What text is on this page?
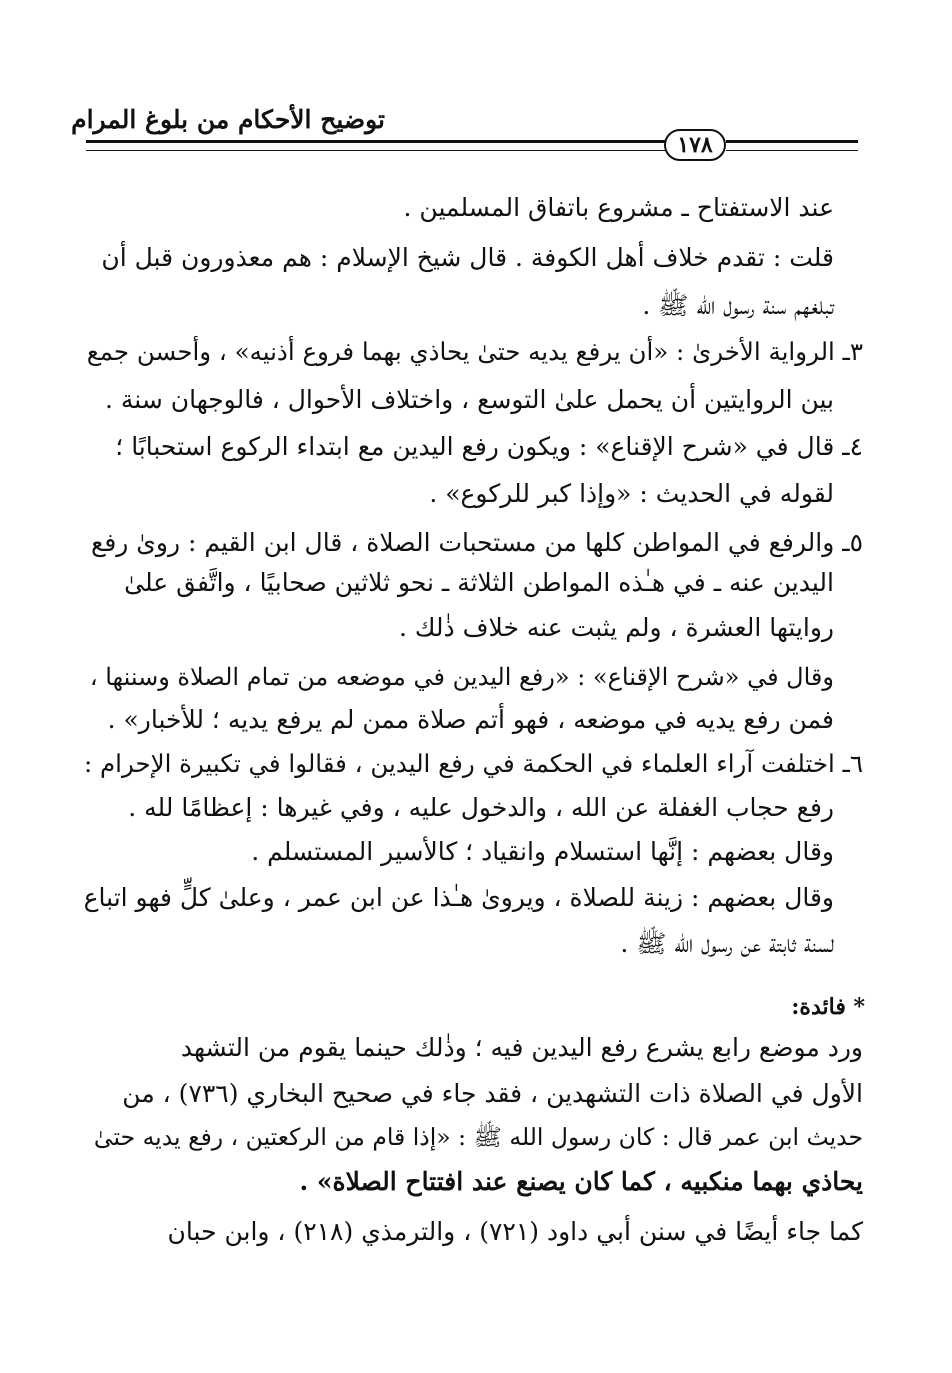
توضيح الأحكام من بلوغ المرام
١٧٨
عند الاستفتاح ـ مشروع باتفاق المسلمين .
قلت : تقدم خلاف أهل الكوفة . قال شيخ الإسلام : هم معذورون قبل أن
تبلغهم سنة رسول الله ﷺ .
٣ـ الرواية الأخرىٰ : «أن يرفع يديه حتىٰ يحاذي بهما فروع أذنيه» ، وأحسن جمع
بين الروايتين أن يحمل علىٰ التوسع ، واختلاف الأحوال ، فالوجهان سنة .
٤ـ قال في «شرح الإقناع» : ويكون رفع اليدين مع ابتداء الركوع استحبابًا ؛
لقوله في الحديث : «وإذا كبر للركوع» .
٥ـ والرفع في المواطن كلها من مستحبات الصلاة ، قال ابن القيم : روىٰ رفع
اليدين عنه ـ في هـٰذه المواطن الثلاثة ـ نحو ثلاثين صحابيًا ، واتَّفق علىٰ
روايتها العشرة ، ولم يثبت عنه خلاف ذٰلك .
وقال في «شرح الإقناع» : «رفع اليدين في موضعه من تمام الصلاة وسننها ،
فمن رفع يديه في موضعه ، فهو أتم صلاة ممن لم يرفع يديه ؛ للأخبار» .
٦ـ اختلفت آراء العلماء في الحكمة في رفع اليدين ، فقالوا في تكبيرة الإحرام :
رفع حجاب الغفلة عن الله ، والدخول عليه ، وفي غيرها : إعظامًا لله .
وقال بعضهم : إنَّها استسلام وانقياد ؛ كالأسير المستسلم .
وقال بعضهم : زينة للصلاة ، ويروىٰ هـٰذا عن ابن عمر ، وعلىٰ كلٍّ فهو اتباع
لسنة ثابتة عن رسول الله ﷺ .
* فائدة:
ورد موضع رابع يشرع رفع اليدين فيه ؛ وذٰلك حينما يقوم من التشهد
الأول في الصلاة ذات التشهدين ، فقد جاء في صحيح البخاري (٧٣٦) ، من
حديث ابن عمر قال : كان رسول الله ﷺ : «إذا قام من الركعتين ، رفع يديه حتىٰ
يحاذي بهما منكبيه ، كما كان يصنع عند افتتاح الصلاة» .
كما جاء أيضًا في سنن أبي داود (٧٢١) ، والترمذي (٢١٨) ، وابن حبان
